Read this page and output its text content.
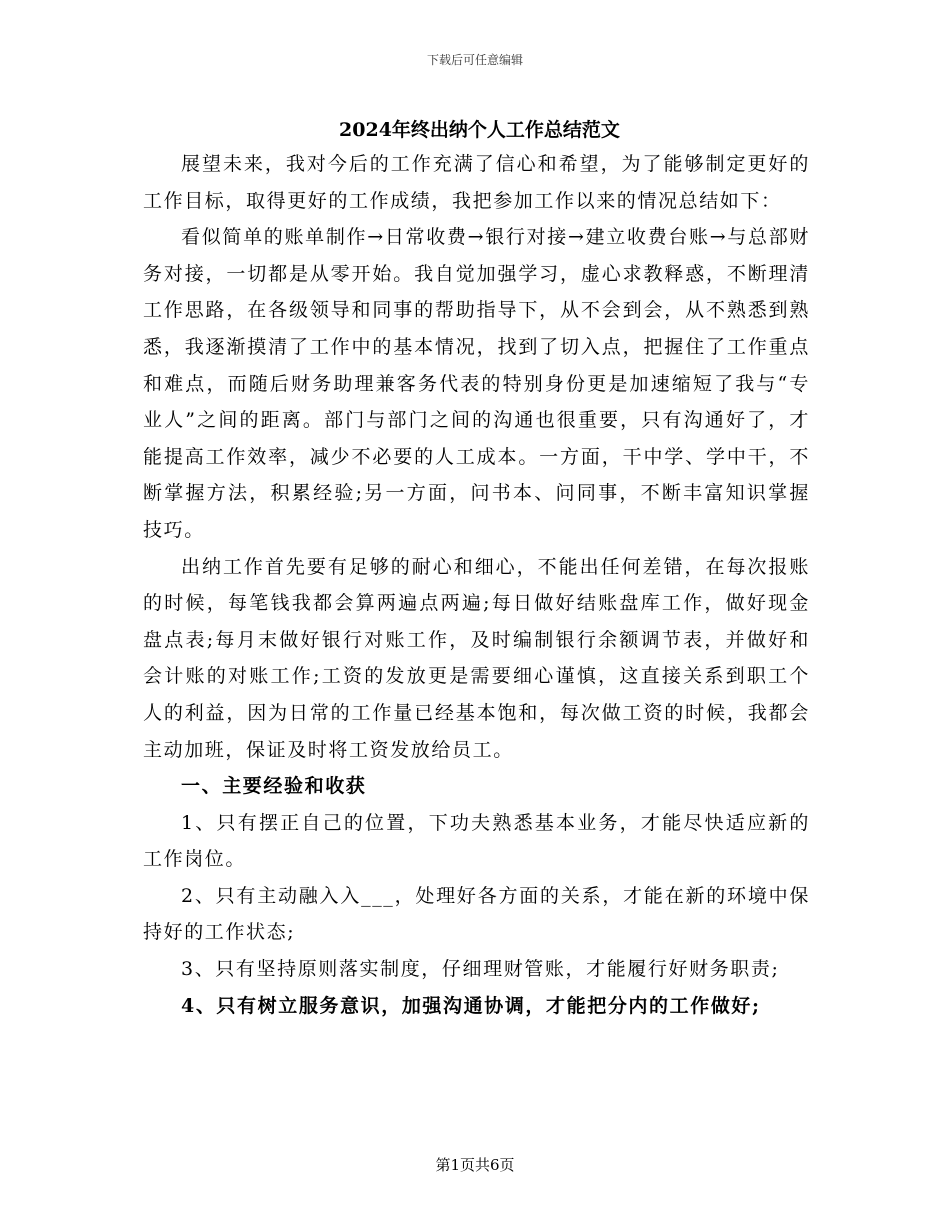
下载后可任意编辑
2024年终出纳个人工作总结范文

展望未来，我对今后的工作充满了信心和希望，为了能够制定更好的工作目标，取得更好的工作成绩，我把参加工作以来的情况总结如下：

看似简单的账单制作→日常收费→银行对接→建立收费台账→与总部财务对接，一切都是从零开始。我自觉加强学习，虚心求教释惑，不断理清工作思路，在各级领导和同事的帮助指导下，从不会到会，从不熟悉到熟悉，我逐渐摸清了工作中的基本情况，找到了切入点，把握住了工作重点和难点，而随后财务助理兼客务代表的特别身份更是加速缩短了我与“专业人”之间的距离。部门与部门之间的沟通也很重要，只有沟通好了，才能提高工作效率，减少不必要的人工成本。一方面，干中学、学中干，不断掌握方法，积累经验;另一方面，问书本、问同事，不断丰富知识掌握技巧。

出纳工作首先要有足够的耐心和细心，不能出任何差错，在每次报账的时候，每笔钱我都会算两遍点两遍;每日做好结账盘库工作，做好现金盘点表;每月末做好银行对账工作，及时编制银行余额调节表，并做好和会计账的对账工作;工资的发放更是需要细心谨慎，这直接关系到职工个人的利益，因为日常的工作量已经基本饱和，每次做工资的时候，我都会主动加班，保证及时将工资发放给员工。

一、主要经验和收获

1、只有摆正自己的位置，下功夫熟悉基本业务，才能尽快适应新的工作岗位。

2、只有主动融入入___，处理好各方面的关系，才能在新的环境中保持好的工作状态;

3、只有坚持原则落实制度，仔细理财管账，才能履行好财务职责;

4、只有树立服务意识，加强沟通协调，才能把分内的工作做好;

第1页共6页
